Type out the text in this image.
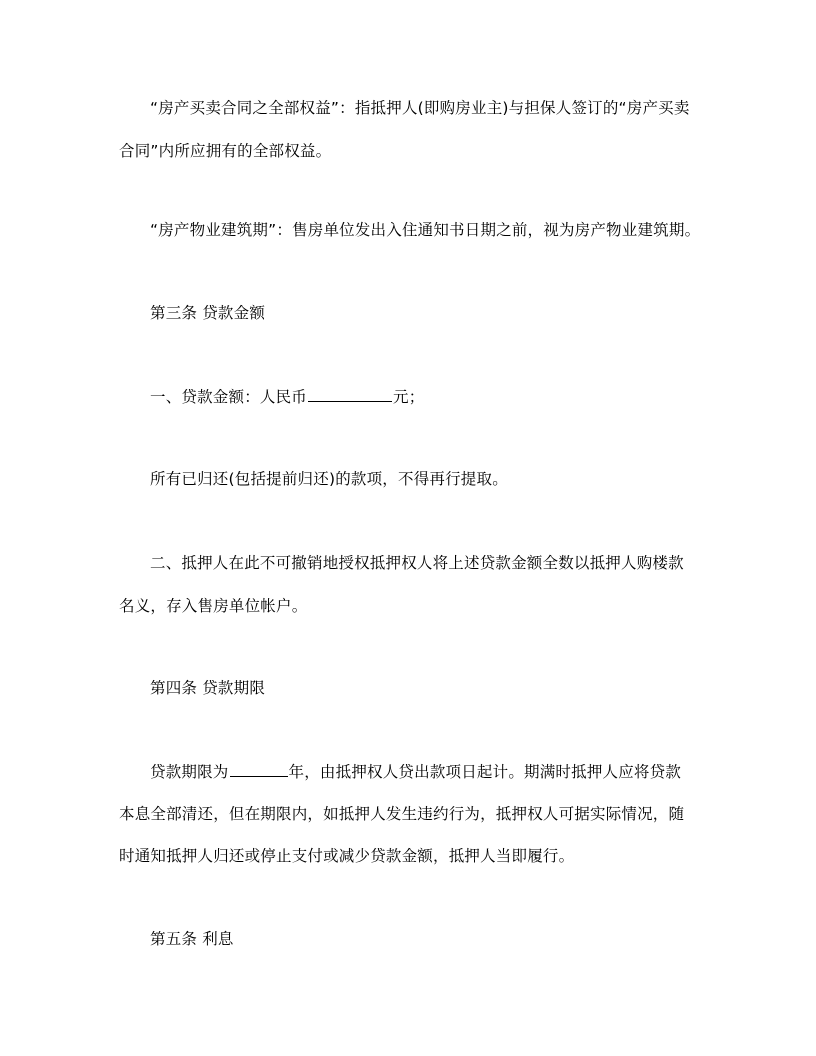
“房产买卖合同之全部权益”：指抵押人(即购房业主)与担保人签订的“房产买卖
合同”内所应拥有的全部权益。
“房产物业建筑期”：售房单位发出入住通知书日期之前，视为房产物业建筑期。
第三条 贷款金额
一、贷款金额：人民币	元；
所有已归还(包括提前归还)的款项，不得再行提取。
二、抵押人在此不可撤销地授权抵押权人将上述贷款金额全数以抵押人购楼款
名义，存入售房单位帐户。
第四条 贷款期限
贷款期限为	年，由抵押权人贷出款项日起计。期满时抵押人应将贷款
本息全部清还，但在期限内，如抵押人发生违约行为，抵押权人可据实际情况，随
时通知抵押人归还或停止支付或减少贷款金额，抵押人当即履行。
第五条 利息
